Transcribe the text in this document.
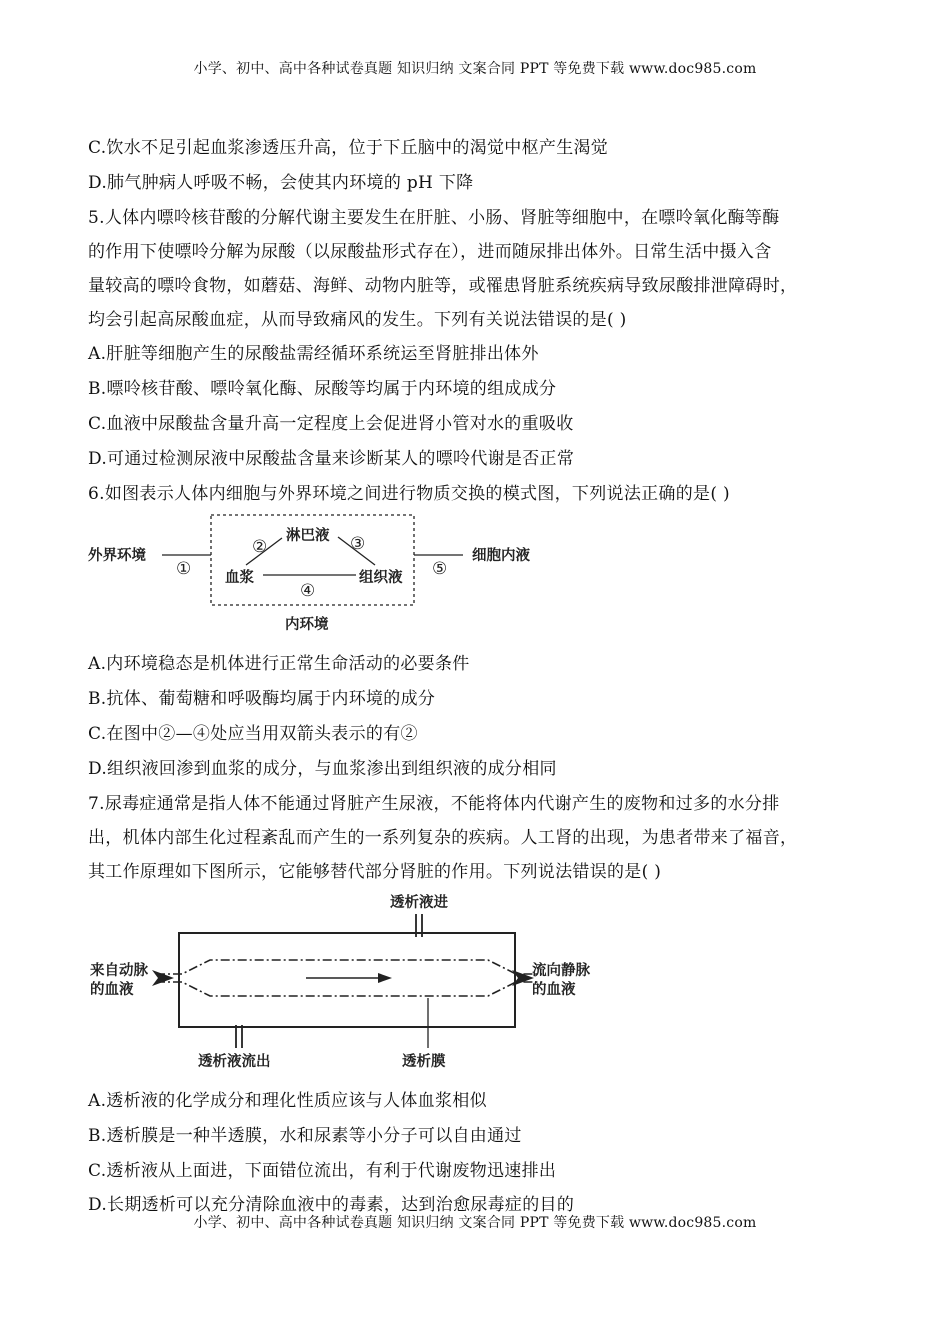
小学、初中、高中各种试卷真题 知识归纳 文案合同 PPT 等免费下载 www.doc985.com
C.饮水不足引起血浆渗透压升高，位于下丘脑中的渴觉中枢产生渴觉
D.肺气肿病人呼吸不畅，会使其内环境的 pH 下降
5.人体内嘌呤核苷酸的分解代谢主要发生在肝脏、小肠、肾脏等细胞中，在嘌呤氧化酶等酶
的作用下使嘌呤分解为尿酸（以尿酸盐形式存在），进而随尿排出体外。日常生活中摄入含
量较高的嘌呤食物，如蘑菇、海鲜、动物内脏等，或罹患肾脏系统疾病导致尿酸排泄障碍时，
均会引起高尿酸血症，从而导致痛风的发生。下列有关说法错误的是( )
A.肝脏等细胞产生的尿酸盐需经循环系统运至肾脏排出体外
B.嘌呤核苷酸、嘌呤氧化酶、尿酸等均属于内环境的组成成分
C.血液中尿酸盐含量升高一定程度上会促进肾小管对水的重吸收
D.可通过检测尿液中尿酸盐含量来诊断某人的嘌呤代谢是否正常
6.如图表示人体内细胞与外界环境之间进行物质交换的模式图，下列说法正确的是( )
外界环境
淋巴液
血浆	组织液
细胞内液
内环境
①
②	③
④
⑤
A.内环境稳态是机体进行正常生命活动的必要条件
B.抗体、葡萄糖和呼吸酶均属于内环境的成分
C.在图中②—④处应当用双箭头表示的有②
D.组织液回渗到血浆的成分，与血浆渗出到组织液的成分相同
7.尿毒症通常是指人体不能通过肾脏产生尿液，不能将体内代谢产生的废物和过多的水分排
出，机体内部生化过程紊乱而产生的一系列复杂的疾病。人工肾的出现，为患者带来了福音，
其工作原理如下图所示，它能够替代部分肾脏的作用。下列说法错误的是( )
透析液进
透析液流出	透析膜
来自动脉
的血液
流向静脉
的血液
A.透析液的化学成分和理化性质应该与人体血浆相似
B.透析膜是一种半透膜，水和尿素等小分子可以自由通过
C.透析液从上面进，下面错位流出，有利于代谢废物迅速排出
D.长期透析可以充分清除血液中的毒素，达到治愈尿毒症的目的
小学、初中、高中各种试卷真题 知识归纳 文案合同 PPT 等免费下载 www.doc985.com
